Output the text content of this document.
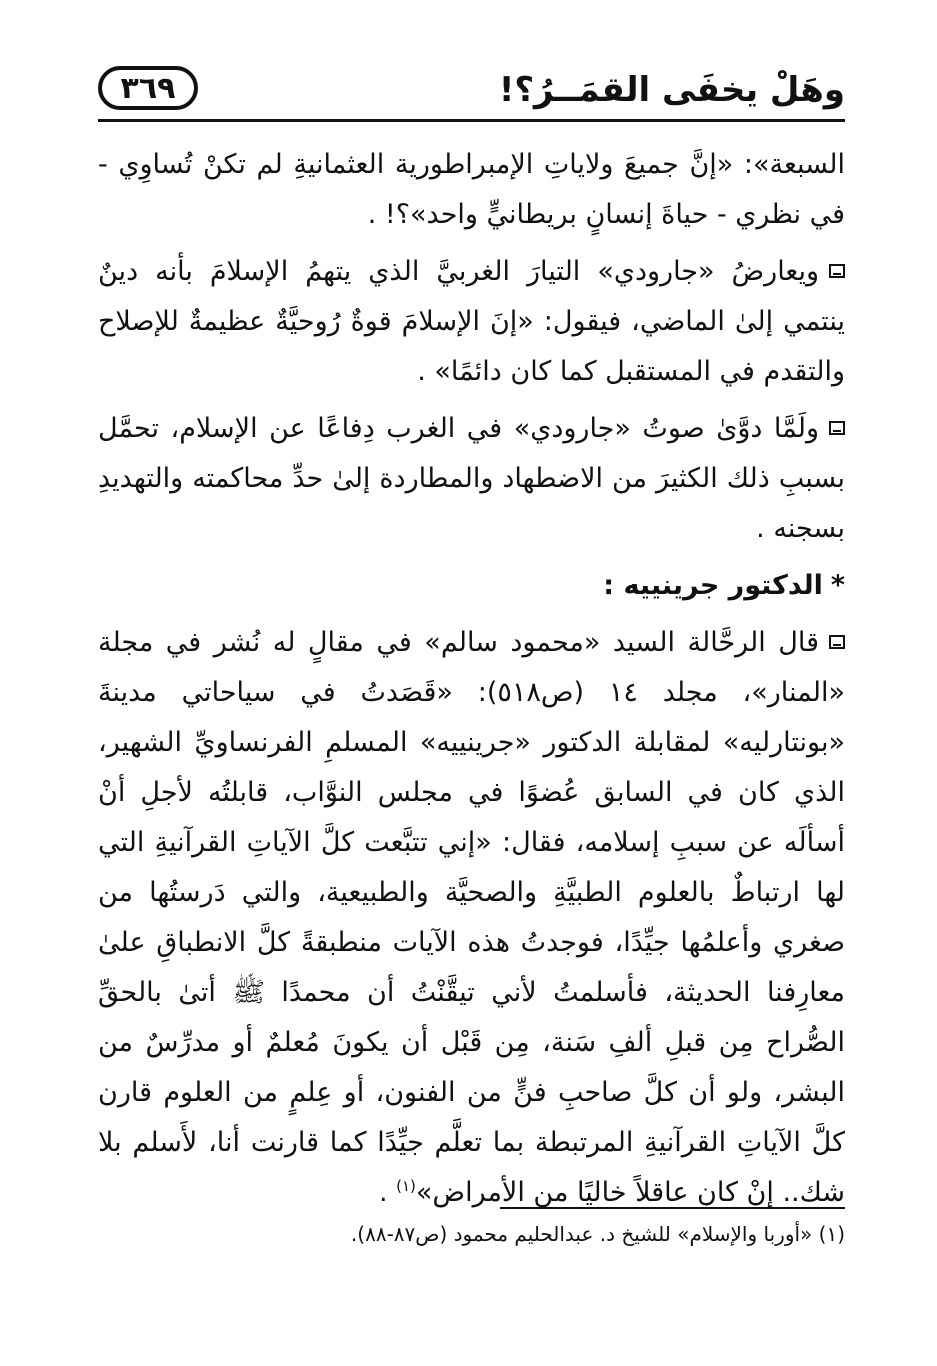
وهَلْ يخفَى القمَــرُ؟!
٣٦٩

السبعة»: «إنَّ جميعَ ولاياتِ الإمبراطورية العثمانيةِ لم تكنْ تُساوِي - في نظري - حياةَ إنسانٍ بريطانيٍّ واحد»؟! .

ويعارضُ «جارودي» التيارَ الغربيَّ الذي يتهمُ الإسلامَ بأنه دينٌ ينتمي إلىٰ الماضي، فيقول: «إنَ الإسلامَ قوةٌ رُوحيَّةٌ عظيمةٌ للإصلاح والتقدم في المستقبل كما كان دائمًا» .

ولَمَّا دوَّىٰ صوتُ «جارودي» في الغرب دِفاعًا عن الإسلام، تحمَّل بسببِ ذلك الكثيرَ من الاضطهاد والمطاردة إلىٰ حدِّ محاكمته والتهديدِ بسجنه .

*الدكتور جرينييه :

قال الرحَّالة السيد «محمود سالم» في مقالٍ له نُشر في مجلة «المنار»، مجلد ١٤ (ص٥١٨): «قَصَدتُ في سياحاتي مدينةَ «بونتارليه» لمقابلة الدكتور «جرينييه» المسلمِ الفرنساويِّ الشهير، الذي كان في السابق عُضوًا في مجلس النوَّاب، قابلتُه لأجلِ أنْ أسألَه عن سببِ إسلامه، فقال: «إني تتبَّعت كلَّ الآياتِ القرآنيةِ التي لها ارتباطٌ بالعلوم الطبيَّةِ والصحيَّة والطبيعية، والتي دَرستُها من صغري وأعلمُها جيِّدًا، فوجدتُ هذه الآيات منطبقةً كلَّ الانطباقِ علىٰ معارِفنا الحديثة، فأسلمتُ لأني تيقَّنْتُ أن محمدًا ﷺ أتىٰ بالحقِّ الصُّراح مِن قبلِ ألفِ سَنة، مِن قَبْل أن يكونَ مُعلمٌ أو مدرِّسٌ من البشر، ولو أن كلَّ صاحبِ فنٍّ من الفنون، أو عِلمٍ من العلوم قارن كلَّ الآياتِ القرآنيةِ المرتبطة بما تعلَّم جيِّدًا كما قارنت أنا، لأَسلم بلا شك.. إنْ كان عاقلاً خاليًا من الأمراض»$^{(١)}$ .

(١) «أوربا والإسلام» للشيخ د. عبدالحليم محمود (ص٨٧-٨٨).
